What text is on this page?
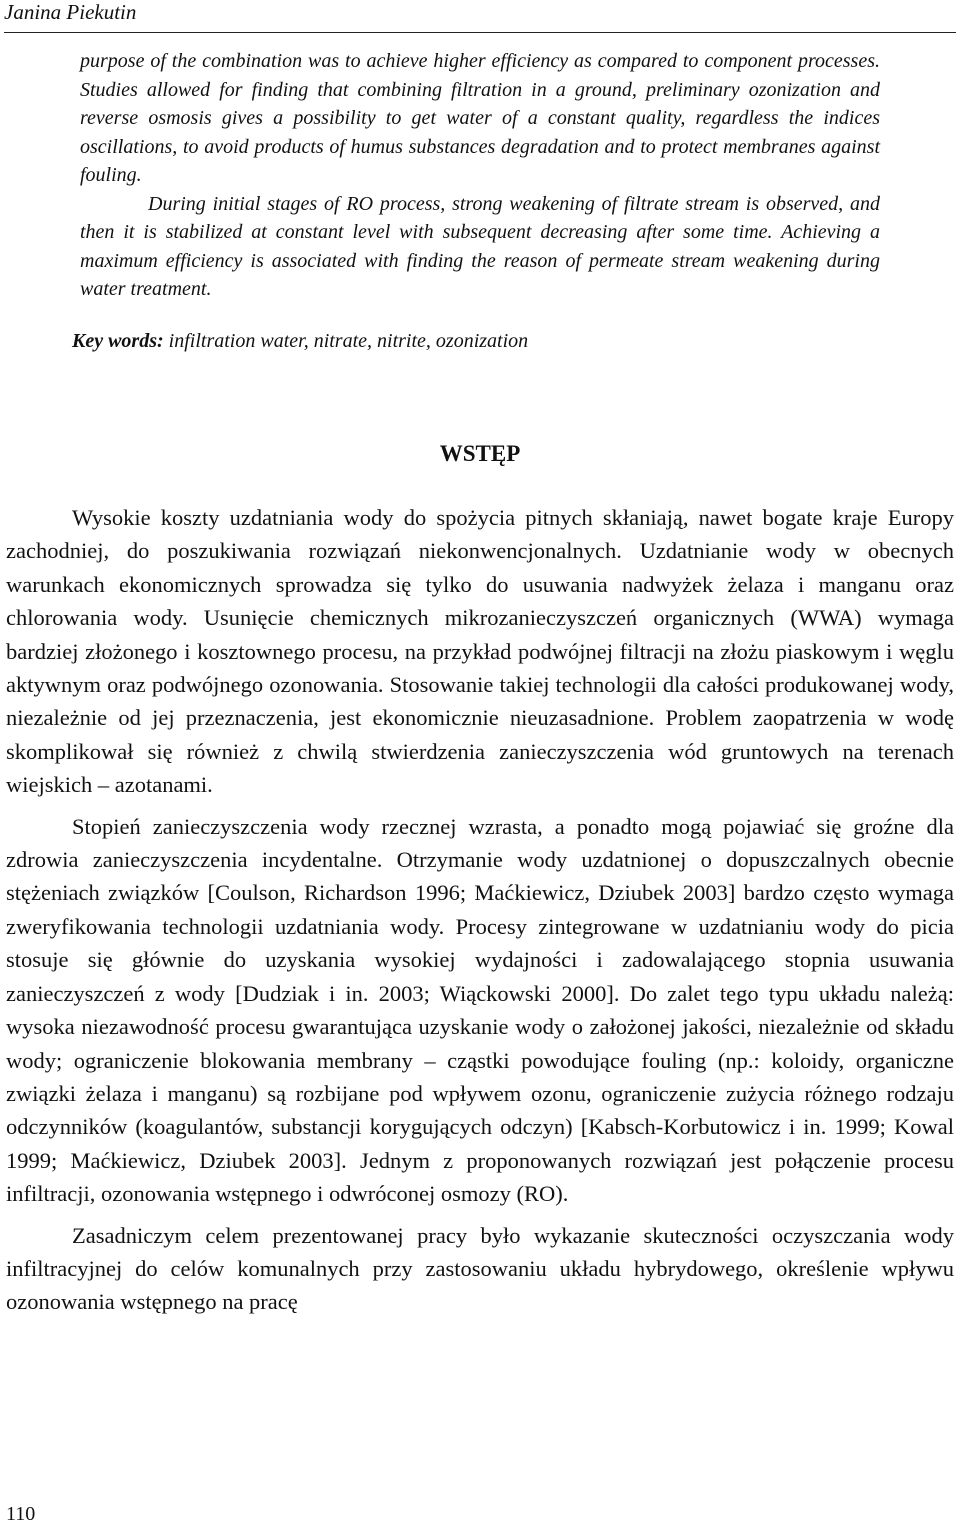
Janina Piekutin

purpose of the combination was to achieve higher efficiency as compared to component processes. Studies allowed for finding that combining filtration in a ground, preliminary ozonization and reverse osmosis gives a possibility to get water of a constant quality, regardless the indices oscillations, to avoid products of humus substances degradation and to protect membranes against fouling.

During initial stages of RO process, strong weakening of filtrate stream is observed, and then it is stabilized at constant level with subsequent decreasing after some time. Achieving a maximum efficiency is associated with finding the reason of permeate stream weakening during water treatment.

Key words: infiltration water, nitrate, nitrite, ozonization
WSTĘP

Wysokie koszty uzdatniania wody do spożycia pitnych skłaniają, nawet bogate kraje Europy zachodniej, do poszukiwania rozwiązań niekonwencjonalnych. Uzdatnianie wody w obecnych warunkach ekonomicznych sprowadza się tylko do usuwania nadwyżek żelaza i manganu oraz chlorowania wody. Usunięcie chemicznych mikrozanieczyszczeń organicznych (WWA) wymaga bardziej złożonego i kosztownego procesu, na przykład podwójnej filtracji na złożu piaskowym i węglu aktywnym oraz podwójnego ozonowania. Stosowanie takiej technologii dla całości produkowanej wody, niezależnie od jej przeznaczenia, jest ekonomicznie nieuzasadnione. Problem zaopatrzenia w wodę skomplikował się również z chwilą stwierdzenia zanieczyszczenia wód gruntowych na terenach wiejskich – azotanami.

Stopień zanieczyszczenia wody rzecznej wzrasta, a ponadto mogą pojawiać się groźne dla zdrowia zanieczyszczenia incydentalne. Otrzymanie wody uzdatnionej o dopuszczalnych obecnie stężeniach związków [Coulson, Richardson 1996; Maćkiewicz, Dziubek 2003] bardzo często wymaga zweryfikowania technologii uzdatniania wody. Procesy zintegrowane w uzdatnianiu wody do picia stosuje się głównie do uzyskania wysokiej wydajności i zadowalającego stopnia usuwania zanieczyszczeń z wody [Dudziak i in. 2003; Wiąckowski 2000]. Do zalet tego typu układu należą: wysoka niezawodność procesu gwarantująca uzyskanie wody o założonej jakości, niezależnie od składu wody; ograniczenie blokowania membrany – cząstki powodujące fouling (np.: koloidy, organiczne związki żelaza i manganu) są rozbijane pod wpływem ozonu, ograniczenie zużycia różnego rodzaju odczynników (koagulantów, substancji korygujących odczyn) [Kabsch-Korbutowicz i in. 1999; Kowal 1999; Maćkiewicz, Dziubek 2003]. Jednym z proponowanych rozwiązań jest połączenie procesu infiltracji, ozonowania wstępnego i odwróconej osmozy (RO).

Zasadniczym celem prezentowanej pracy było wykazanie skuteczności oczyszczania wody infiltracyjnej do celów komunalnych przy zastosowaniu układu hybrydowego, określenie wpływu ozonowania wstępnego na pracę

110
